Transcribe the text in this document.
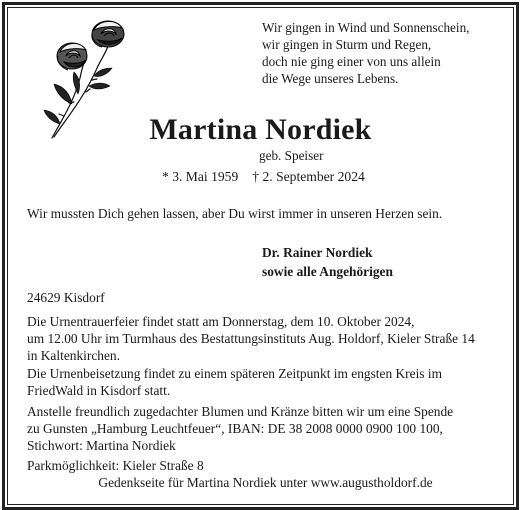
Wir gingen in Wind und Sonnenschein,
wir gingen in Sturm und Regen,
doch nie ging einer von uns allein
die Wege unseres Lebens.
Martina Nordiek
geb. Speiser
* 3. Mai 1959 † 2. September 2024
Wir mussten Dich gehen lassen, aber Du wirst immer in unseren Herzen sein.
Dr. Rainer Nordiek
sowie alle Angehörigen
24629 Kisdorf
Die Urnentrauerfeier findet statt am Donnerstag, dem 10. Oktober 2024,
um 12.00 Uhr im Turmhaus des Bestattungsinstituts Aug. Holdorf, Kieler Straße 14
in Kaltenkirchen.
Die Urnenbeisetzung findet zu einem späteren Zeitpunkt im engsten Kreis im
FriedWald in Kisdorf statt.
Anstelle freundlich zugedachter Blumen und Kränze bitten wir um eine Spende
zu Gunsten „Hamburg Leuchtfeuer“, IBAN: DE 38 2008 0000 0900 100 100,
Stichwort: Martina Nordiek
Parkmöglichkeit: Kieler Straße 8
Gedenkseite für Martina Nordiek unter www.augustholdorf.de
